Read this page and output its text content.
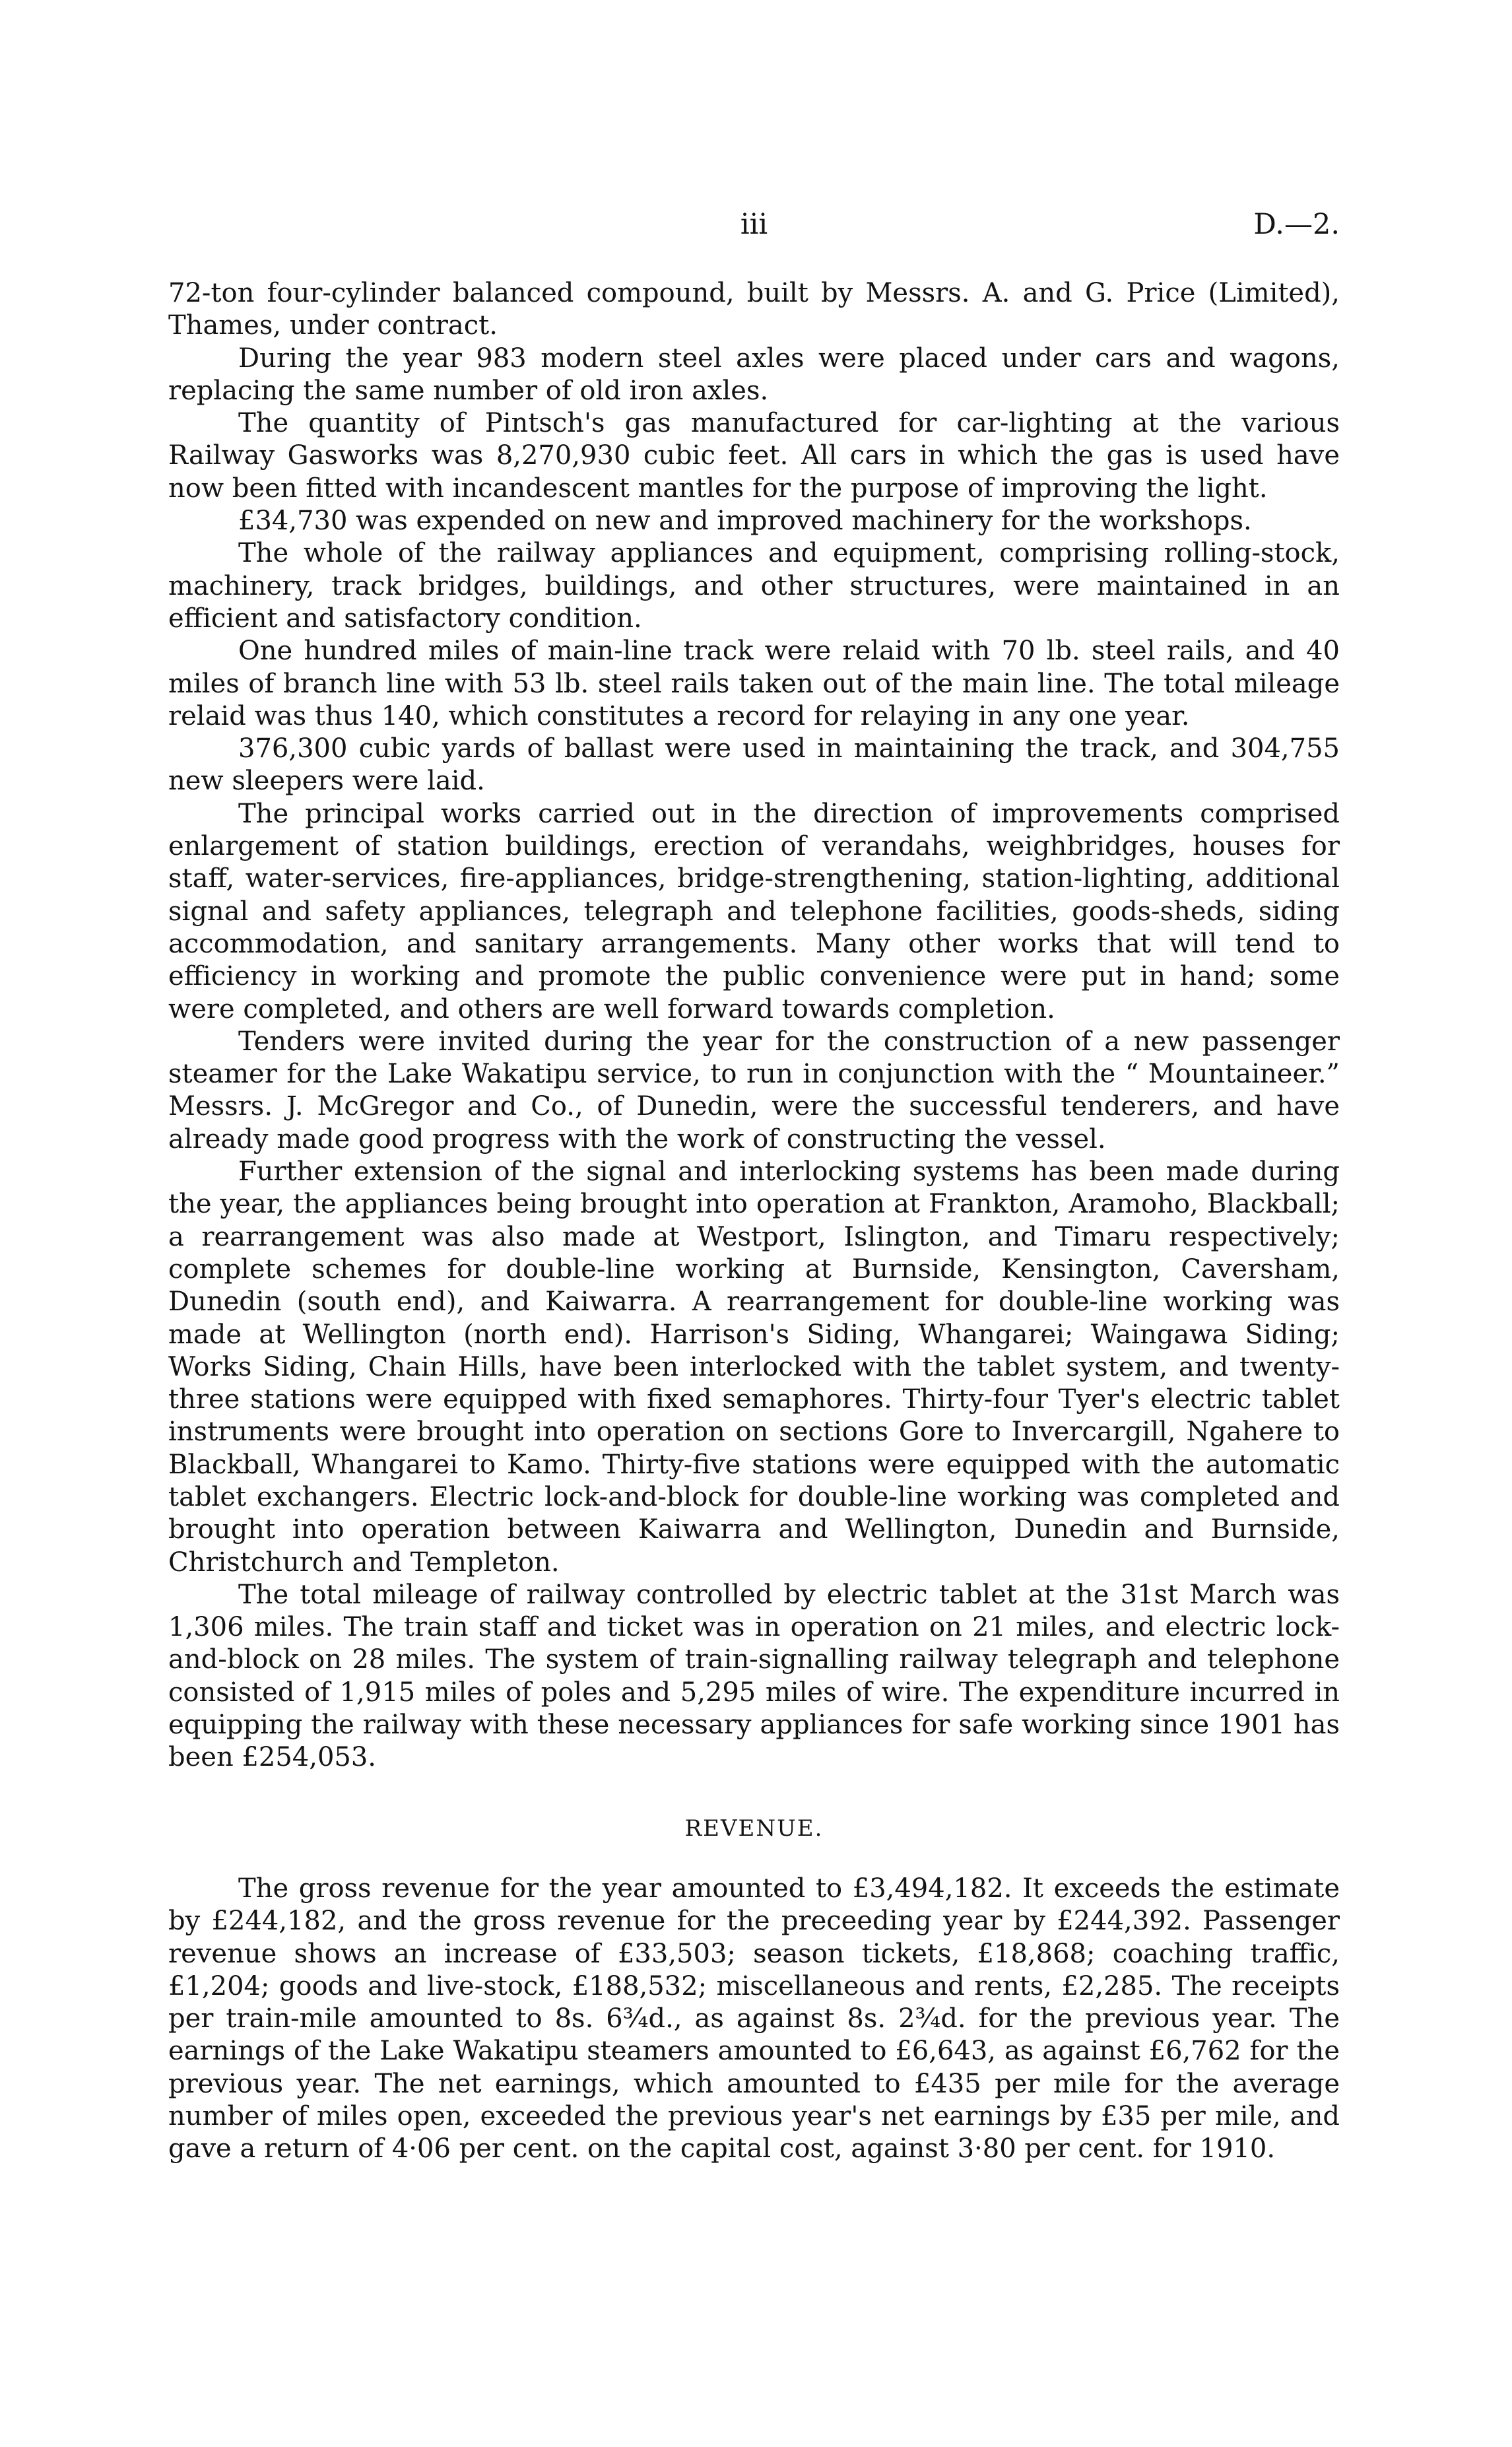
iii	D.—2.

72-ton four-cylinder balanced compound, built by Messrs. A. and G. Price (Limited), Thames, under contract.

During the year 983 modern steel axles were placed under cars and wagons, replacing the same number of old iron axles.

The quantity of Pintsch's gas manufactured for car-lighting at the various Railway Gasworks was 8,270,930 cubic feet. All cars in which the gas is used have now been fitted with incandescent mantles for the purpose of improving the light.

£34,730 was expended on new and improved machinery for the workshops.

The whole of the railway appliances and equipment, comprising rolling-stock, machinery, track bridges, buildings, and other structures, were maintained in an efficient and satisfactory condition.

One hundred miles of main-line track were relaid with 70 lb. steel rails, and 40 miles of branch line with 53 lb. steel rails taken out of the main line. The total mileage relaid was thus 140, which constitutes a record for relaying in any one year.

376,300 cubic yards of ballast were used in maintaining the track, and 304,755 new sleepers were laid.

The principal works carried out in the direction of improvements comprised enlargement of station buildings, erection of verandahs, weighbridges, houses for staff, water-services, fire-appliances, bridge-strengthening, station-lighting, additional signal and safety appliances, telegraph and telephone facilities, goods-sheds, siding accommodation, and sanitary arrangements. Many other works that will tend to efficiency in working and promote the public convenience were put in hand; some were completed, and others are well forward towards completion.

Tenders were invited during the year for the construction of a new passenger steamer for the Lake Wakatipu service, to run in conjunction with the “ Mountaineer.” Messrs. J. McGregor and Co., of Dunedin, were the successful tenderers, and have already made good progress with the work of constructing the vessel.

Further extension of the signal and interlocking systems has been made during the year, the appliances being brought into operation at Frankton, Aramoho, Blackball; a rearrangement was also made at Westport, Islington, and Timaru respectively; complete schemes for double-line working at Burnside, Kensington, Caversham, Dunedin (south end), and Kaiwarra. A rearrangement for double-line working was made at Wellington (north end). Harrison's Siding, Whangarei; Waingawa Siding; Works Siding, Chain Hills, have been interlocked with the tablet system, and twenty-three stations were equipped with fixed semaphores. Thirty-four Tyer's electric tablet instruments were brought into operation on sections Gore to Invercargill, Ngahere to Blackball, Whangarei to Kamo. Thirty-five stations were equipped with the automatic tablet exchangers. Electric lock-and-block for double-line working was completed and brought into operation between Kaiwarra and Wellington, Dunedin and Burnside, Christchurch and Templeton.

The total mileage of railway controlled by electric tablet at the 31st March was 1,306 miles. The train staff and ticket was in operation on 21 miles, and electric lock-and-block on 28 miles. The system of train-signalling railway telegraph and telephone consisted of 1,915 miles of poles and 5,295 miles of wire. The expenditure incurred in equipping the railway with these necessary appliances for safe working since 1901 has been £254,053.

REVENUE.

The gross revenue for the year amounted to £3,494,182. It exceeds the estimate by £244,182, and the gross revenue for the preceeding year by £244,392. Passenger revenue shows an increase of £33,503; season tickets, £18,868; coaching traffic, £1,204; goods and live-stock, £188,532; miscellaneous and rents, £2,285. The receipts per train-mile amounted to 8s. 6¾d., as against 8s. 2¾d. for the previous year. The earnings of the Lake Wakatipu steamers amounted to £6,643, as against £6,762 for the previous year. The net earnings, which amounted to £435 per mile for the average number of miles open, exceeded the previous year's net earnings by £35 per mile, and gave a return of 4·06 per cent. on the capital cost, against 3·80 per cent. for 1910.
